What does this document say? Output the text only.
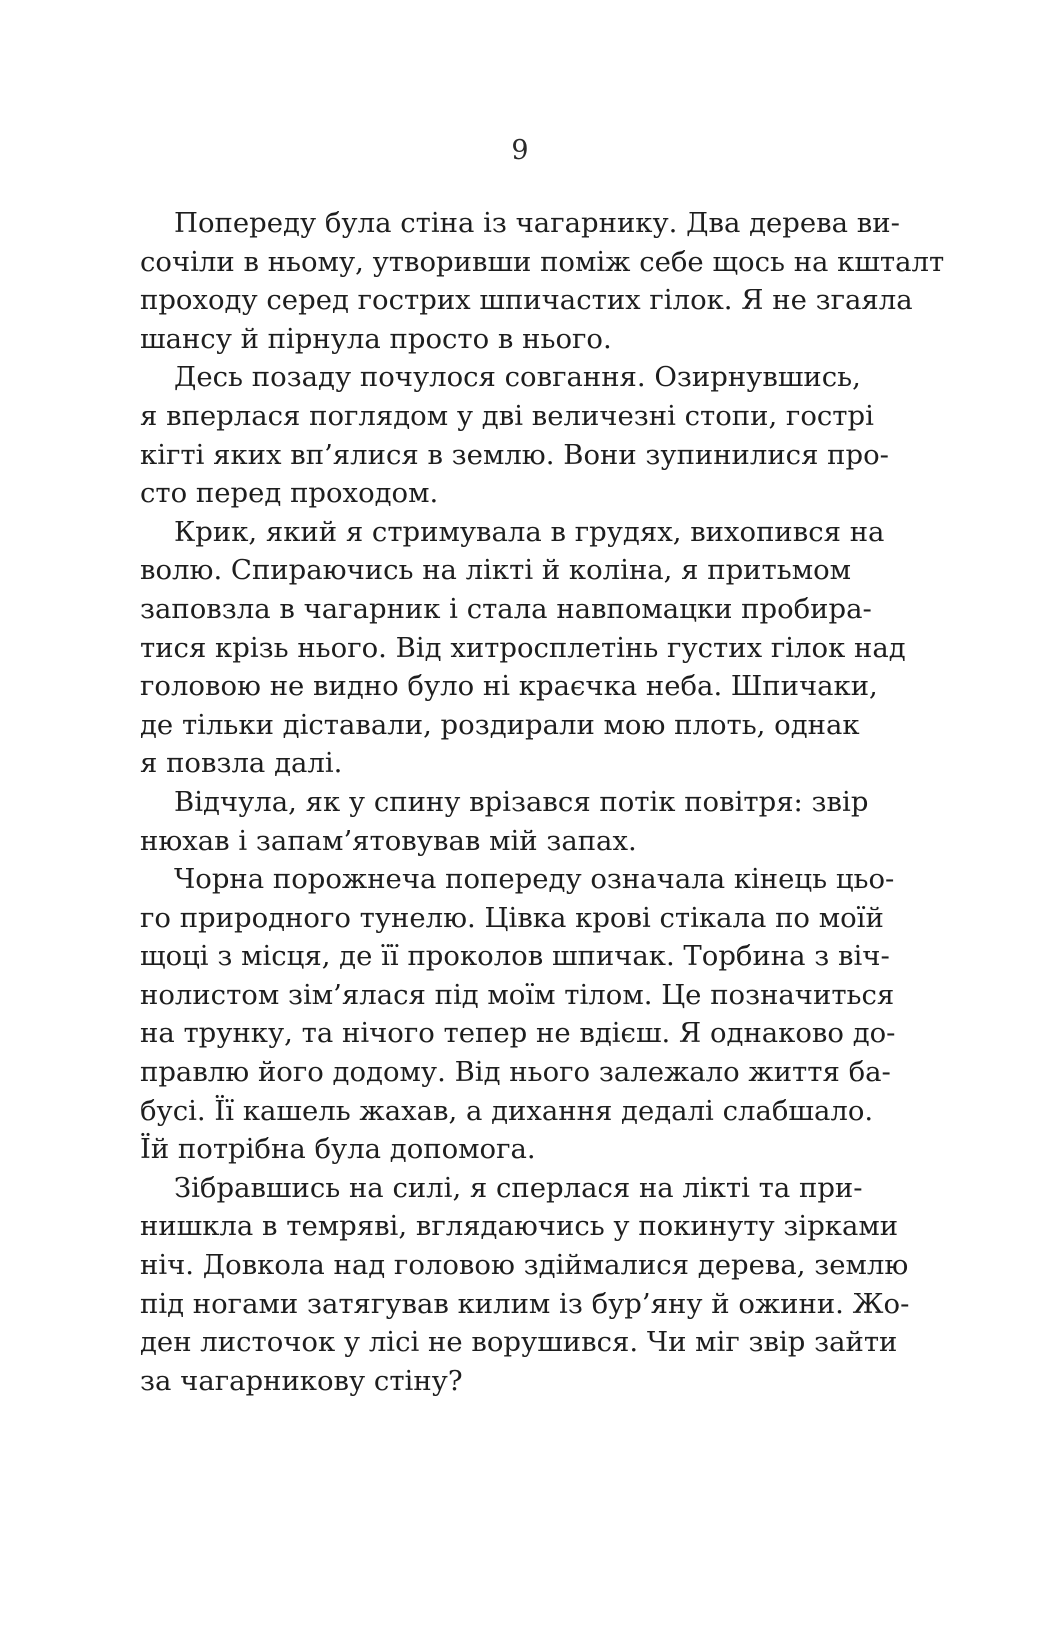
9
Попереду була стіна із чагарнику. Два дерева ви-
сочіли в ньому, утворивши поміж себе щось на кшталт
проходу серед гострих шпичастих гілок. Я не згаяла
шансу й пірнула просто в нього.
Десь позаду почулося совгання. Озирнувшись,
я вперлася поглядом у дві величезні стопи, гострі
кігті яких вп’ялися в землю. Вони зупинилися про-
сто перед проходом.
Крик, який я стримувала в грудях, вихопився на
волю. Спираючись на лікті й коліна, я притьмом
заповзла в чагарник і стала навпомацки пробира-
тися крізь нього. Від хитросплетінь густих гілок над
головою не видно було ні краєчка неба. Шпичаки,
де тільки діставали, роздирали мою плоть, однак
я повзла далі.
Відчула, як у спину врізався потік повітря: звір
нюхав і запам’ятовував мій запах.
Чорна порожнеча попереду означала кінець цьо-
го природного тунелю. Цівка крові стікала по моїй
щоці з місця, де її проколов шпичак. Торбина з віч-
нолистом зім’ялася під моїм тілом. Це позначиться
на трунку, та нічого тепер не вдієш. Я однаково до-
правлю його додому. Від нього залежало життя ба-
бусі. Її кашель жахав, а дихання дедалі слабшало.
Їй потрібна була допомога.
Зібравшись на силі, я сперлася на лікті та при-
нишкла в темряві, вглядаючись у покинуту зірками
ніч. Довкола над головою здіймалися дерева, землю
під ногами затягував килим із бур’яну й ожини. Жо-
ден листочок у лісі не ворушився. Чи міг звір зайти
за чагарникову стіну?
